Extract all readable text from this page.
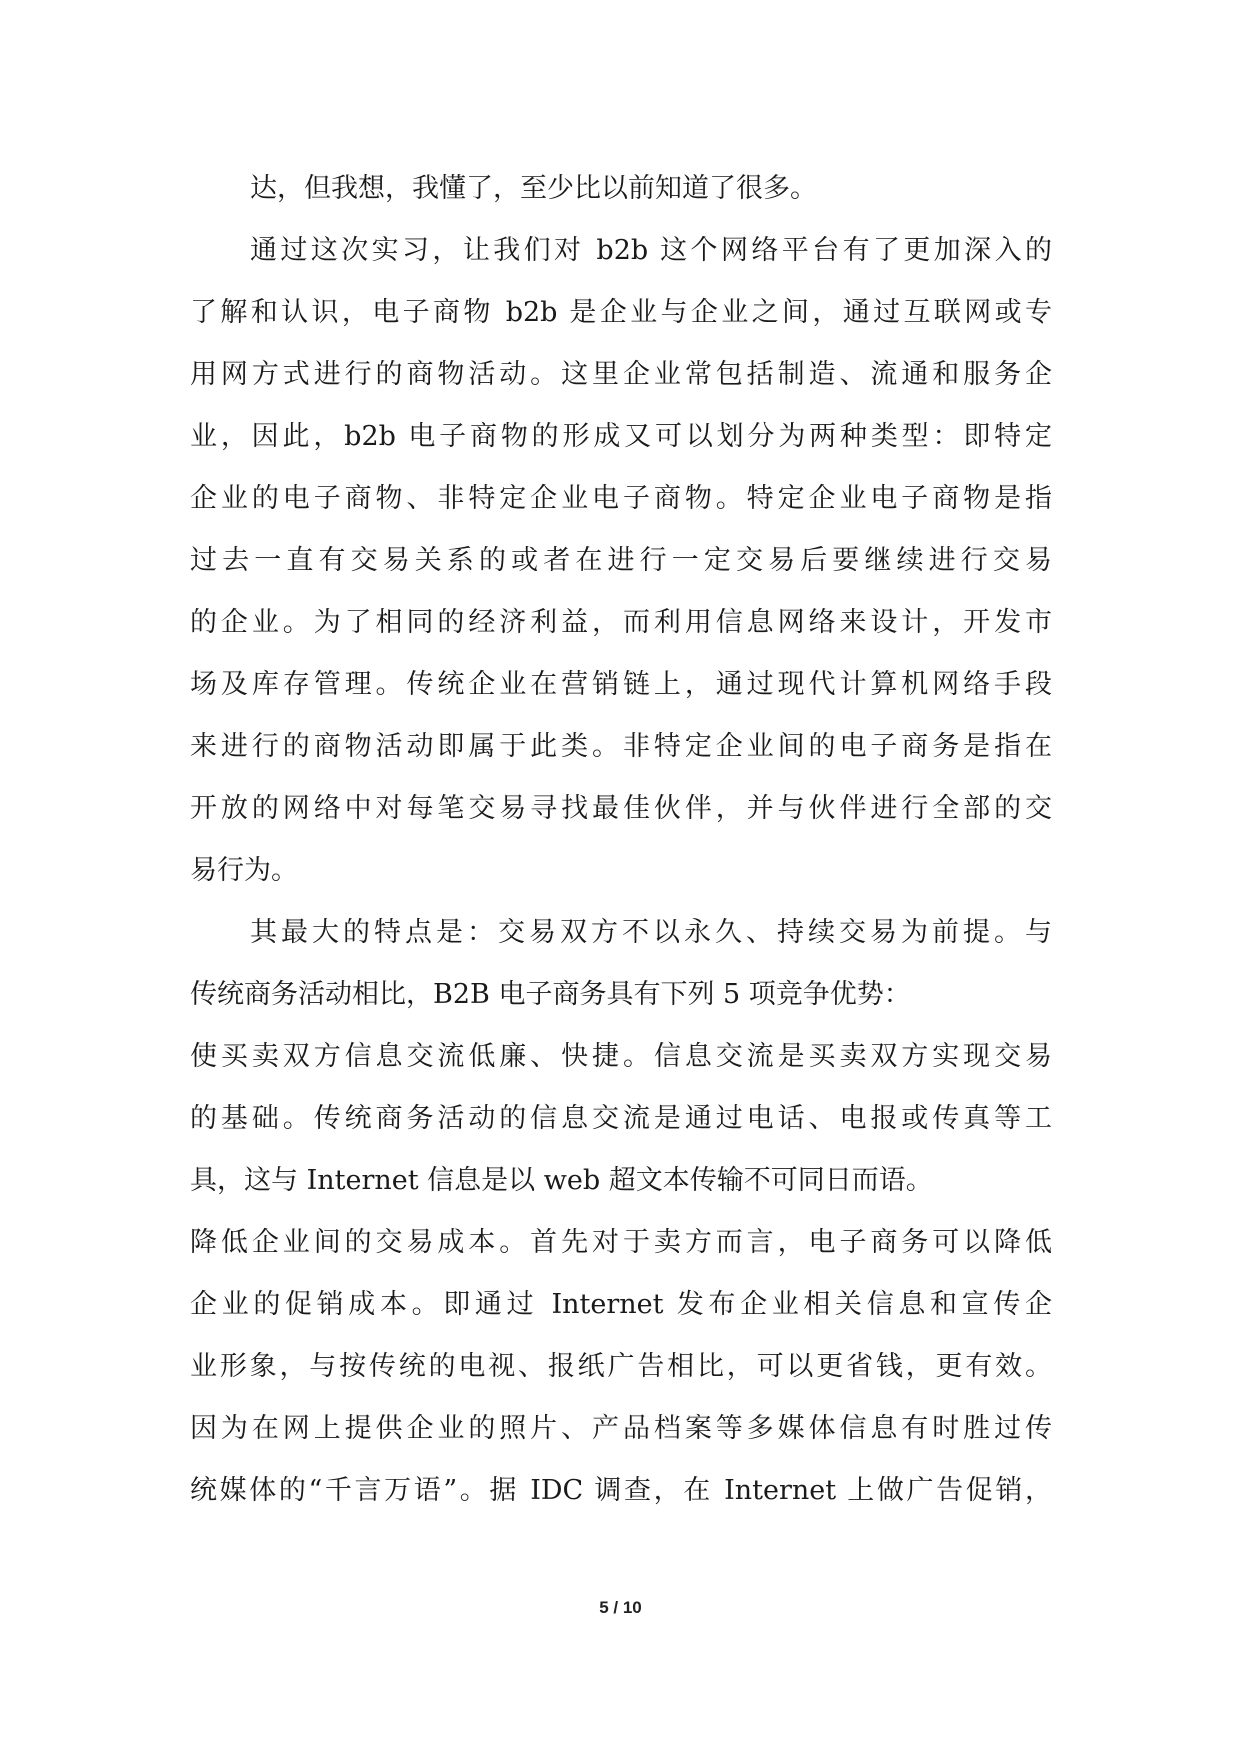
达，但我想，我懂了，至少比以前知道了很多。
通过这次实习，让我们对 b2b 这个网络平台有了更加深入的
了解和认识，电子商物 b2b 是企业与企业之间，通过互联网或专
用网方式进行的商物活动。这里企业常包括制造、流通和服务企
业，因此，b2b 电子商物的形成又可以划分为两种类型：即特定
企业的电子商物、非特定企业电子商物。特定企业电子商物是指
过去一直有交易关系的或者在进行一定交易后要继续进行交易
的企业。为了相同的经济利益，而利用信息网络来设计，开发市
场及库存管理。传统企业在营销链上，通过现代计算机网络手段
来进行的商物活动即属于此类。非特定企业间的电子商务是指在
开放的网络中对每笔交易寻找最佳伙伴，并与伙伴进行全部的交
易行为。
其最大的特点是：交易双方不以永久、持续交易为前提。与
传统商务活动相比，B2B 电子商务具有下列 5 项竞争优势：
使买卖双方信息交流低廉、快捷。信息交流是买卖双方实现交易
的基础。传统商务活动的信息交流是通过电话、电报或传真等工
具，这与 Internet 信息是以 web 超文本传输不可同日而语。
降低企业间的交易成本。首先对于卖方而言，电子商务可以降低
企业的促销成本。即通过 Internet 发布企业相关信息和宣传企
业形象，与按传统的电视、报纸广告相比，可以更省钱，更有效。
因为在网上提供企业的照片、产品档案等多媒体信息有时胜过传
统媒体的“千言万语”。据 IDC 调查，在 Internet 上做广告促销，
5 / 10
